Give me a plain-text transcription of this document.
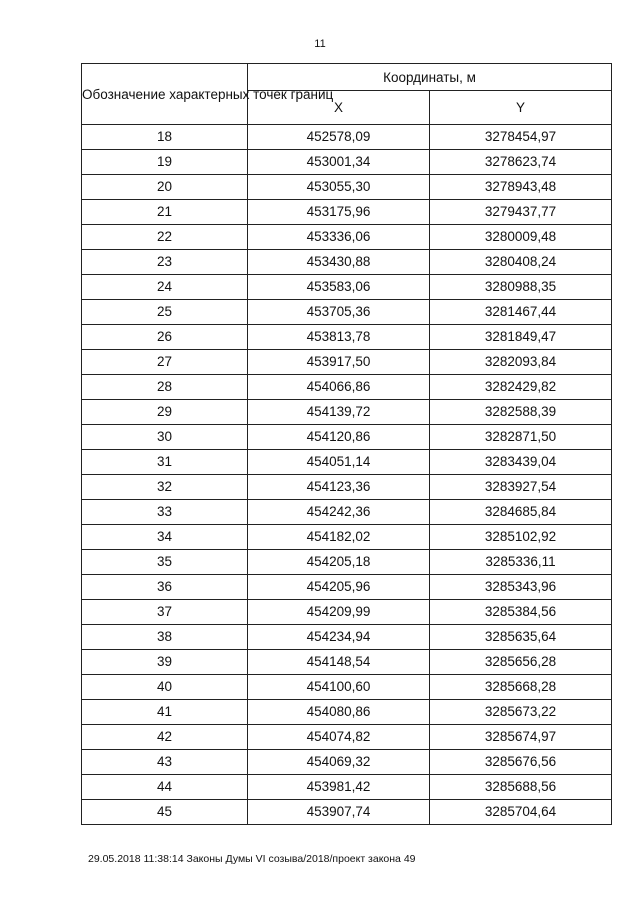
11
Обозначение характерных точек границ	Координаты, м	
	X	Y
18	452578,09	3278454,97
19	453001,34	3278623,74
20	453055,30	3278943,48
21	453175,96	3279437,77
22	453336,06	3280009,48
23	453430,88	3280408,24
24	453583,06	3280988,35
25	453705,36	3281467,44
26	453813,78	3281849,47
27	453917,50	3282093,84
28	454066,86	3282429,82
29	454139,72	3282588,39
30	454120,86	3282871,50
31	454051,14	3283439,04
32	454123,36	3283927,54
33	454242,36	3284685,84
34	454182,02	3285102,92
35	454205,18	3285336,11
36	454205,96	3285343,96
37	454209,99	3285384,56
38	454234,94	3285635,64
39	454148,54	3285656,28
40	454100,60	3285668,28
41	454080,86	3285673,22
42	454074,82	3285674,97
43	454069,32	3285676,56
44	453981,42	3285688,56
45	453907,74	3285704,64
29.05.2018 11:38:14 Законы Думы VI созыва/2018/проект закона 49
